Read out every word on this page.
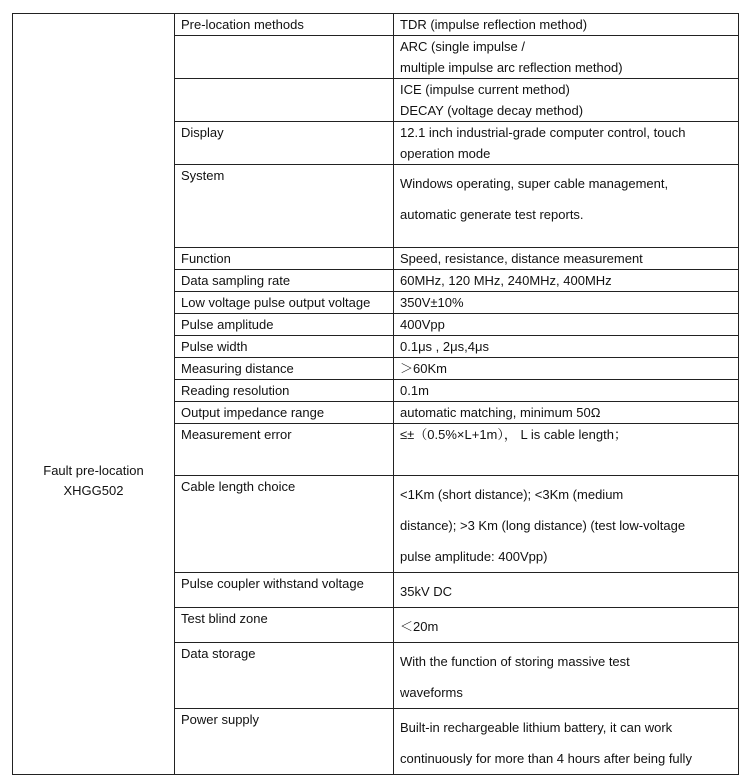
Fault pre-location
XHGG502	Pre-location methods	TDR (impulse reflection method)

		ARC (single impulse /
multiple impulse arc reflection method)

		ICE (impulse current method)
DECAY (voltage decay method)

	Display	12.1 inch industrial-grade computer control, touch
operation mode

	System	Windows operating, super cable management,
automatic generate test reports.

	Function	Speed, resistance, distance measurement

	Data sampling rate	60MHz, 120 MHz, 240MHz, 400MHz

	Low voltage pulse output voltage	350V±10%

	Pulse amplitude	400Vpp

	Pulse width	0.1μs , 2μs,4μs

	Measuring distance	＞60Km

	Reading resolution	0.1m

	Output impedance range	automatic matching, minimum 50Ω

	Measurement error	≤±（0.5%×L+1m）， L is cable length；

	Cable length choice	<1Km (short distance); <3Km (medium
distance); >3 Km (long distance) (test low-voltage
pulse amplitude: 400Vpp)

	Pulse coupler withstand voltage	35kV DC

	Test blind zone	＜20m

	Data storage	With the function of storing massive test
waveforms

	Power supply	Built-in rechargeable lithium battery, it can work
continuously for more than 4 hours after being fully
